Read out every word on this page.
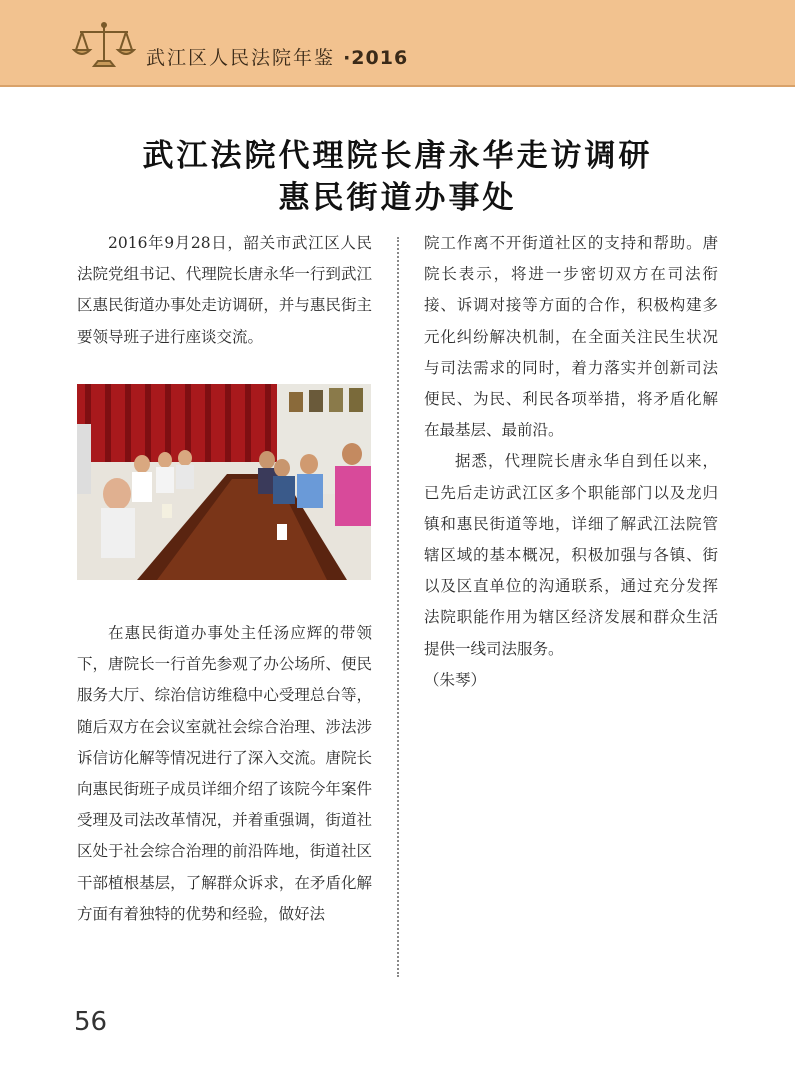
武江区人民法院年鉴 ·2016
武江法院代理院长唐永华走访调研
惠民街道办事处

2016年9月28日，韶关市武江区人民法院党组书记、代理院长唐永华一行到武江区惠民街道办事处走访调研，并与惠民街主要领导班子进行座谈交流。

在惠民街道办事处主任汤应辉的带领下，唐院长一行首先参观了办公场所、便民服务大厅、综治信访维稳中心受理总台等，随后双方在会议室就社会综合治理、涉法涉诉信访化解等情况进行了深入交流。唐院长向惠民街班子成员详细介绍了该院今年案件受理及司法改革情况，并着重强调，街道社区处于社会综合治理的前沿阵地，街道社区干部植根基层，了解群众诉求，在矛盾化解方面有着独特的优势和经验，做好法

院工作离不开街道社区的支持和帮助。唐院长表示，将进一步密切双方在司法衔接、诉调对接等方面的合作，积极构建多元化纠纷解决机制，在全面关注民生状况与司法需求的同时，着力落实并创新司法便民、为民、利民各项举措，将矛盾化解在最基层、最前沿。

据悉，代理院长唐永华自到任以来，已先后走访武江区多个职能部门以及龙归镇和惠民街道等地，详细了解武江法院管辖区域的基本概况，积极加强与各镇、街以及区直单位的沟通联系，通过充分发挥法院职能作用为辖区经济发展和群众生活提供一线司法服务。

（朱琴）

56
